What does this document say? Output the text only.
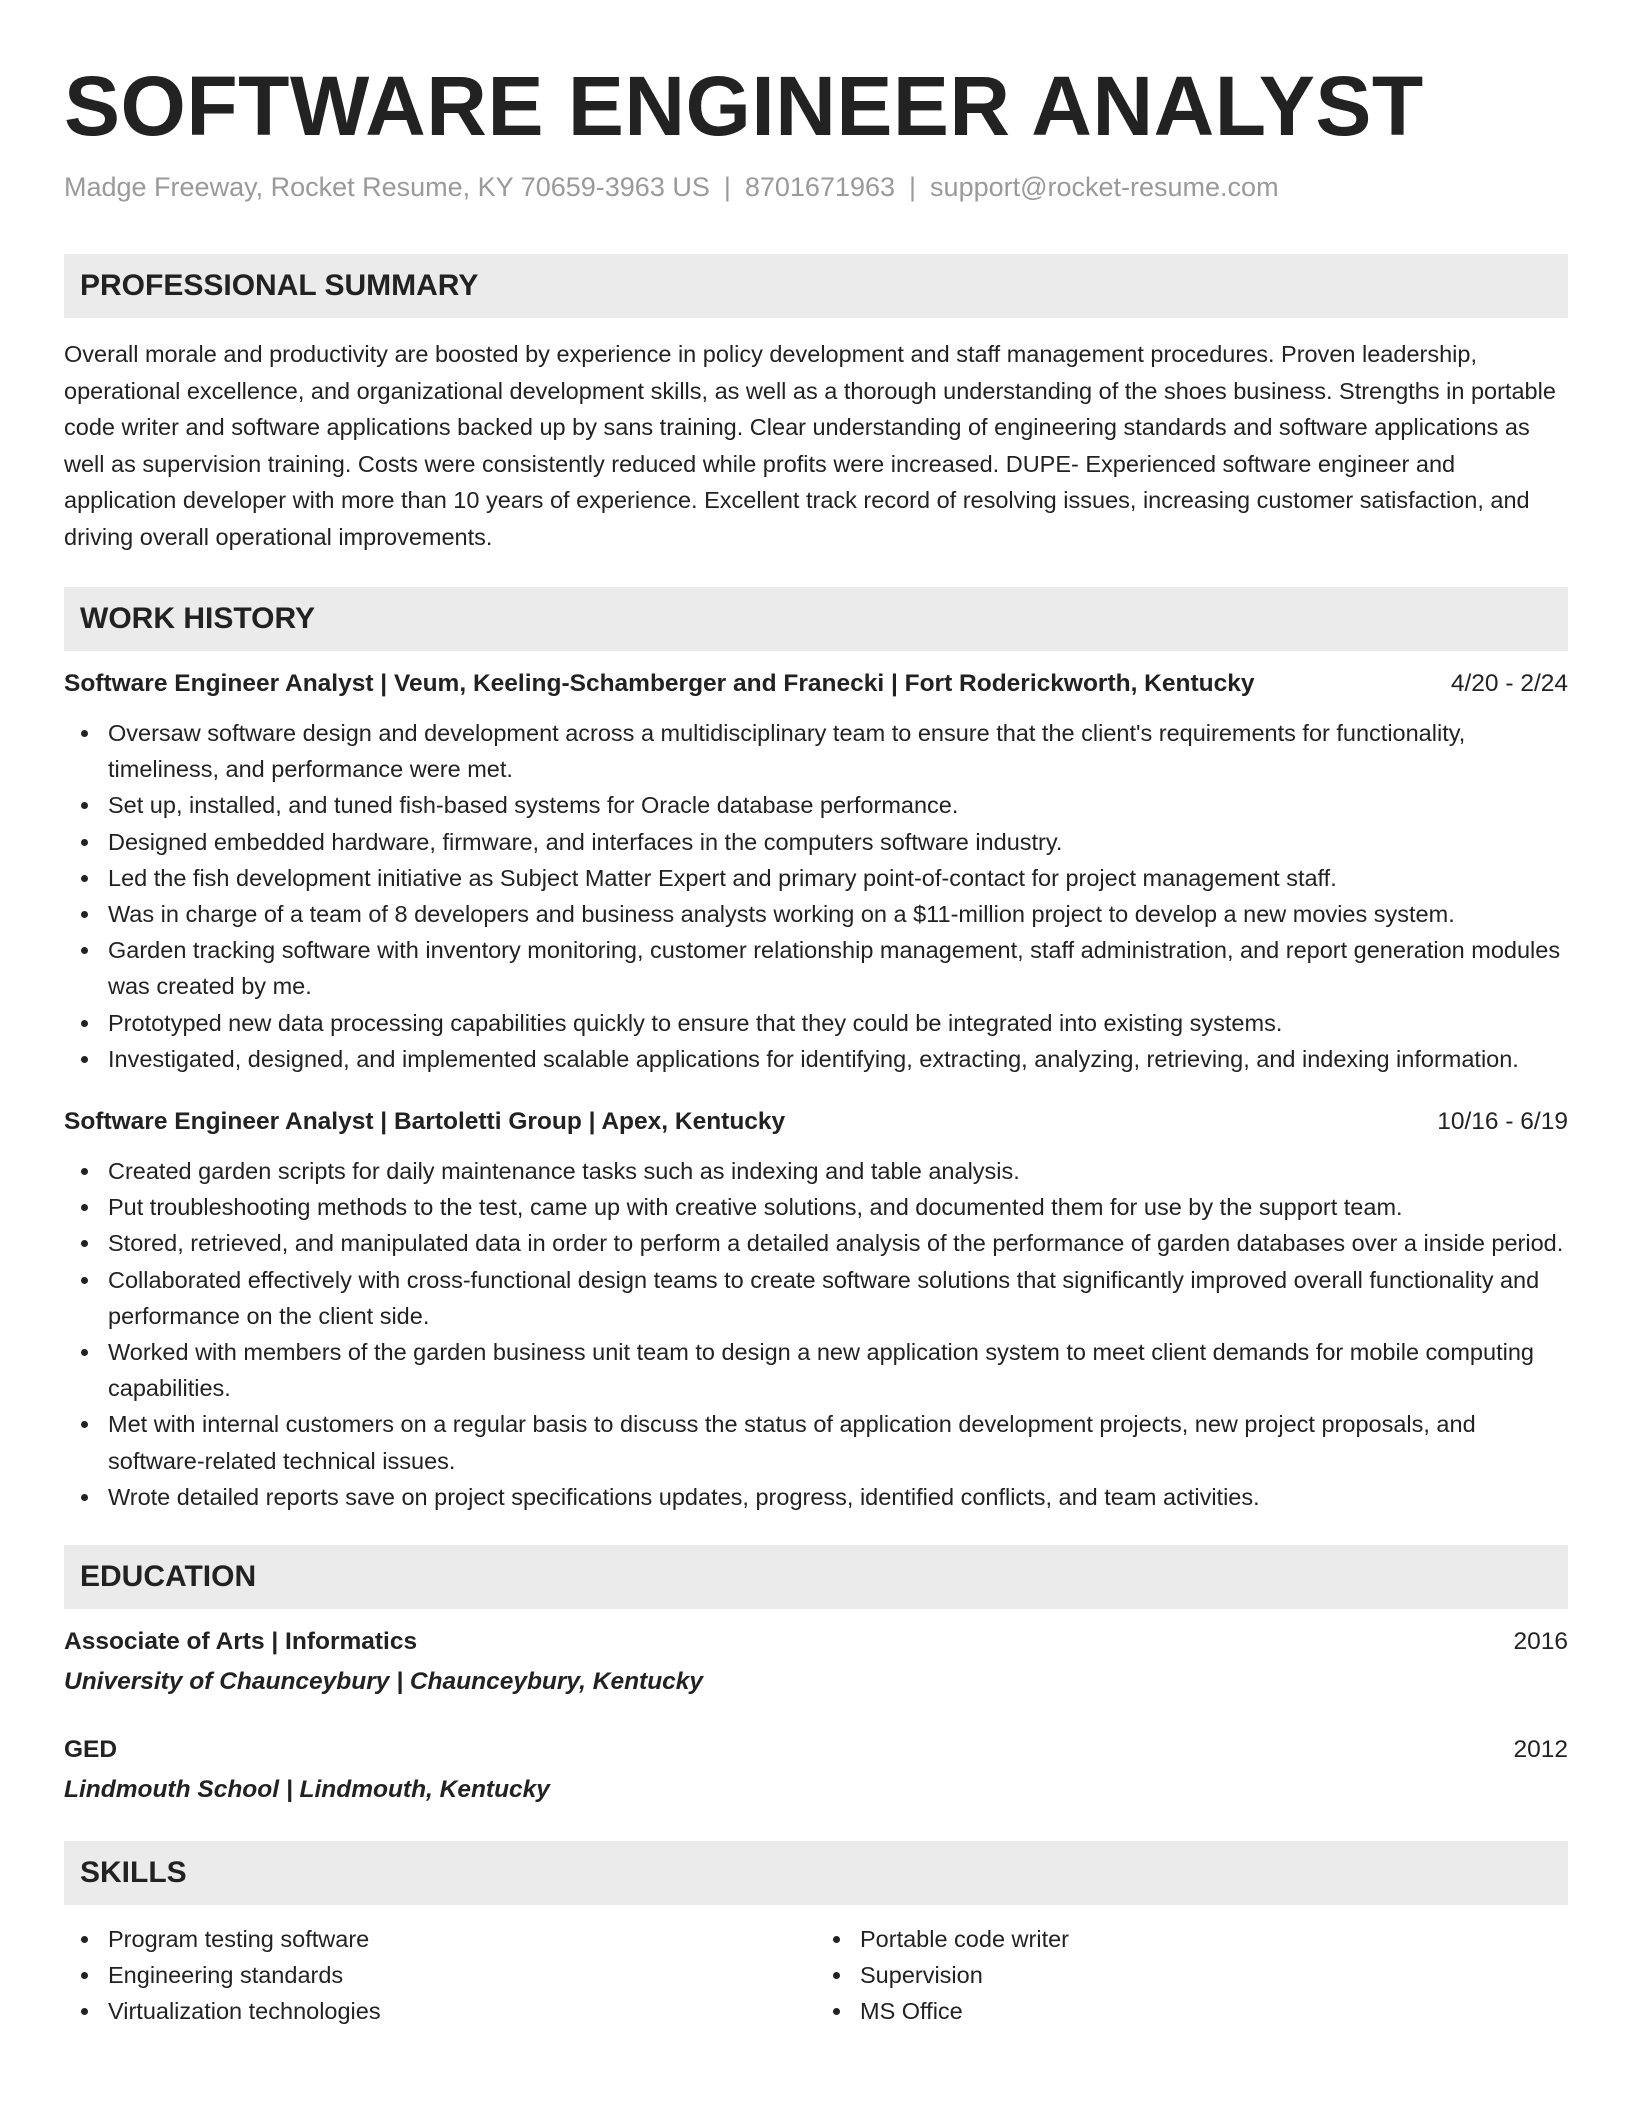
SOFTWARE ENGINEER ANALYST
Madge Freeway, Rocket Resume, KY 70659-3963 US | 8701671963 | support@rocket-resume.com
PROFESSIONAL SUMMARY
Overall morale and productivity are boosted by experience in policy development and staff management procedures. Proven leadership, operational excellence, and organizational development skills, as well as a thorough understanding of the shoes business. Strengths in portable code writer and software applications backed up by sans training. Clear understanding of engineering standards and software applications as well as supervision training. Costs were consistently reduced while profits were increased. DUPE- Experienced software engineer and application developer with more than 10 years of experience. Excellent track record of resolving issues, increasing customer satisfaction, and driving overall operational improvements.
WORK HISTORY
Software Engineer Analyst | Veum, Keeling-Schamberger and Franecki | Fort Roderickworth, Kentucky	4/20 - 2/24
Oversaw software design and development across a multidisciplinary team to ensure that the client's requirements for functionality, timeliness, and performance were met.
Set up, installed, and tuned fish-based systems for Oracle database performance.
Designed embedded hardware, firmware, and interfaces in the computers software industry.
Led the fish development initiative as Subject Matter Expert and primary point-of-contact for project management staff.
Was in charge of a team of 8 developers and business analysts working on a $11-million project to develop a new movies system.
Garden tracking software with inventory monitoring, customer relationship management, staff administration, and report generation modules was created by me.
Prototyped new data processing capabilities quickly to ensure that they could be integrated into existing systems.
Investigated, designed, and implemented scalable applications for identifying, extracting, analyzing, retrieving, and indexing information.
Software Engineer Analyst | Bartoletti Group | Apex, Kentucky	10/16 - 6/19
Created garden scripts for daily maintenance tasks such as indexing and table analysis.
Put troubleshooting methods to the test, came up with creative solutions, and documented them for use by the support team.
Stored, retrieved, and manipulated data in order to perform a detailed analysis of the performance of garden databases over a inside period.
Collaborated effectively with cross-functional design teams to create software solutions that significantly improved overall functionality and performance on the client side.
Worked with members of the garden business unit team to design a new application system to meet client demands for mobile computing capabilities.
Met with internal customers on a regular basis to discuss the status of application development projects, new project proposals, and software-related technical issues.
Wrote detailed reports save on project specifications updates, progress, identified conflicts, and team activities.
EDUCATION
Associate of Arts | Informatics	2016
University of Chaunceybury | Chaunceybury, Kentucky
GED	2012
Lindmouth School | Lindmouth, Kentucky
SKILLS
Program testing software
Engineering standards
Virtualization technologies
Portable code writer
Supervision
MS Office
